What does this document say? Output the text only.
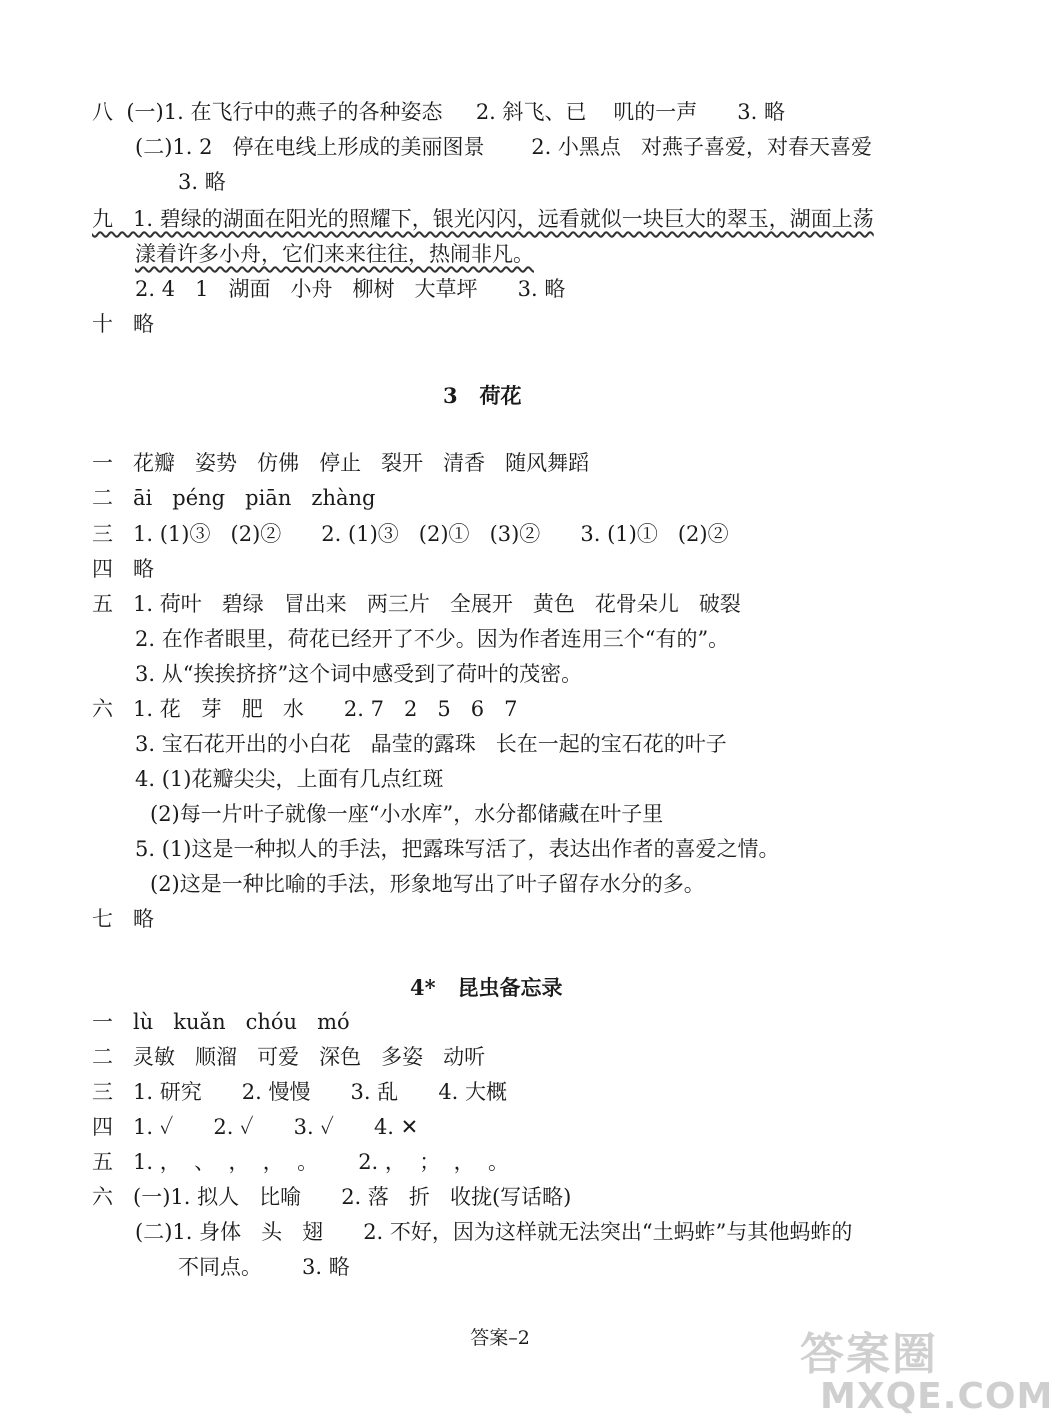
八  (一)1. 在飞行中的燕子的各种姿态     2. 斜飞、已    叽的一声      3. 略
(二)1. 2   停在电线上形成的美丽图景       2. 小黑点   对燕子喜爱，对春天喜爱
3. 略
九   1. 碧绿的湖面在阳光的照耀下，银光闪闪，远看就似一块巨大的翠玉，湖面上荡
漾着许多小舟，它们来来往往，热闹非凡。
2. 4   1   湖面   小舟   柳树   大草坪      3. 略
十   略
3   荷花
一   花瓣   姿势   仿佛   停止   裂开   清香   随风舞蹈
二   āi   péng   piān   zhàng
三   1. (1)③   (2)②      2. (1)③   (2)①   (3)②      3. (1)①   (2)②
四   略
五   1. 荷叶   碧绿   冒出来   两三片   全展开   黄色   花骨朵儿   破裂
2. 在作者眼里，荷花已经开了不少。因为作者连用三个“有的”。
3. 从“挨挨挤挤”这个词中感受到了荷叶的茂密。
六   1. 花   芽   肥   水      2. 7   2   5   6   7
3. 宝石花开出的小白花   晶莹的露珠   长在一起的宝石花的叶子
4. (1)花瓣尖尖，上面有几点红斑
(2)每一片叶子就像一座“小水库”，水分都储藏在叶子里
5. (1)这是一种拟人的手法，把露珠写活了，表达出作者的喜爱之情。
(2)这是一种比喻的手法，形象地写出了叶子留存水分的多。
七   略
4*   昆虫备忘录
一   lù   kuǎn   chóu   mó
二   灵敏   顺溜   可爱   深色   多姿   动听
三   1. 研究      2. 慢慢      3. 乱      4. 大概
四   1. ✓      2. ✓      3. ✓      4. ✕
五   1. ，  、  ，  ，  。      2. ，  ；  ，  。
六   (一)1. 拟人   比喻      2. 落   折   收拢(写话略)
(二)1. 身体   头   翅      2. 不好，因为这样就无法突出“土蚂蚱”与其他蚂蚱的
不同点。      3. 略
答案–2	答案圈
MXQE.COM
